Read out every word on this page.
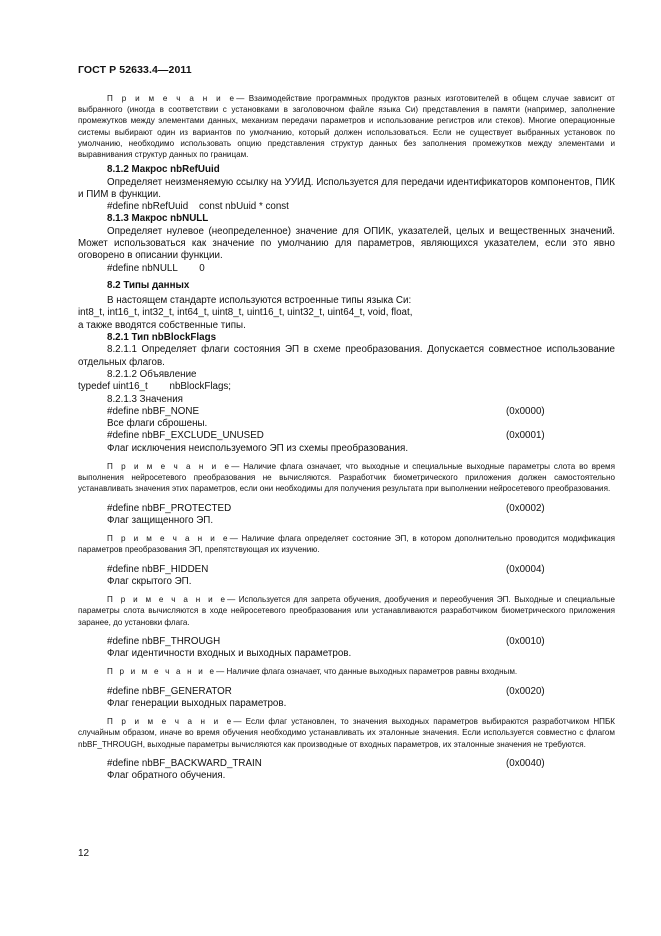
ГОСТ Р 52633.4—2011

П р и м е ч а н и е— Взаимодействие программных продуктов разных изготовителей в общем случае зависит от выбранного (иногда в соответствии с установками в заголовочном файле языка Си) представления в памяти (например, заполнение промежутков между элементами данных, механизм передачи параметров и использование регистров или стеков). Многие операционные системы выбирают один из вариантов по умолчанию, который должен использоваться. Если не существует выбранных установок по умолчанию, необходимо использовать опцию представления структур данных без заполнения промежутков между элементами и выравнивания структур данных по границам.

8.1.2 Макрос nbRefUuid

Определяет неизменяемую ссылку на УУИД. Используется для передачи идентификаторов компонентов, ПИК и ПИМ в функции.

#define nbRefUuid    const nbUuid * const
8.1.3 Макрос nbNULL

Определяет нулевое (неопределенное) значение для ОПИК, указателей, целых и вещественных значений. Может использоваться как значение по умолчанию для параметров, являющихся указателем, если это явно оговорено в описании функции.

#define nbNULL        0
8.2 Типы данных
В настоящем стандарте используются встроенные типы языка Си:
int8_t, int16_t, int32_t, int64_t, uint8_t, uint16_t, uint32_t, uint64_t, void, float,
а также вводятся собственные типы.
8.2.1 Тип nbBlockFlags

8.2.1.1 Определяет флаги состояния ЭП в схеме преобразования. Допускается совместное использование отдельных флагов.

8.2.1.2 Объявление
typedef uint16_t        nbBlockFlags;
8.2.1.3 Значения
#define nbBF_NONE	(0x0000)
Все флаги сброшены.
#define nbBF_EXCLUDE_UNUSED	(0x0001)
Флаг исключения неиспользуемого ЭП из схемы преобразования.

П р и м е ч а н и е— Наличие флага означает, что выходные и специальные выходные параметры слота во время выполнения нейросетевого преобразования не вычисляются. Разработчик биометрического приложения должен самостоятельно устанавливать значения этих параметров, если они необходимы для получения результата при выполнении нейросетевого преобразования.

#define nbBF_PROTECTED	(0x0002)
Флаг защищенного ЭП.

П р и м е ч а н и е— Наличие флага определяет состояние ЭП, в котором дополнительно проводится модификация параметров преобразования ЭП, препятствующая их изучению.

#define nbBF_HIDDEN	(0x0004)
Флаг скрытого ЭП.

П р и м е ч а н и е— Используется для запрета обучения, дообучения и переобучения ЭП. Выходные и специальные параметры слота вычисляются в ходе нейросетевого преобразования или устанавливаются разработчиком биометрического приложения заранее, до установки флага.

#define nbBF_THROUGH	(0x0010)
Флаг идентичности входных и выходных параметров.

П р и м е ч а н и е— Наличие флага означает, что данные выходных параметров равны входным.

#define nbBF_GENERATOR	(0x0020)
Флаг генерации выходных параметров.

П р и м е ч а н и е— Если флаг установлен, то значения выходных параметров выбираются разработчиком НПБК случайным образом, иначе во время обучения необходимо устанавливать их эталонные значения. Если используется совместно с флагом nbBF_THROUGH, выходные параметры вычисляются как производные от входных параметров, их эталонные значения не требуются.

#define nbBF_BACKWARD_TRAIN	(0x0040)
Флаг обратного обучения.
12
